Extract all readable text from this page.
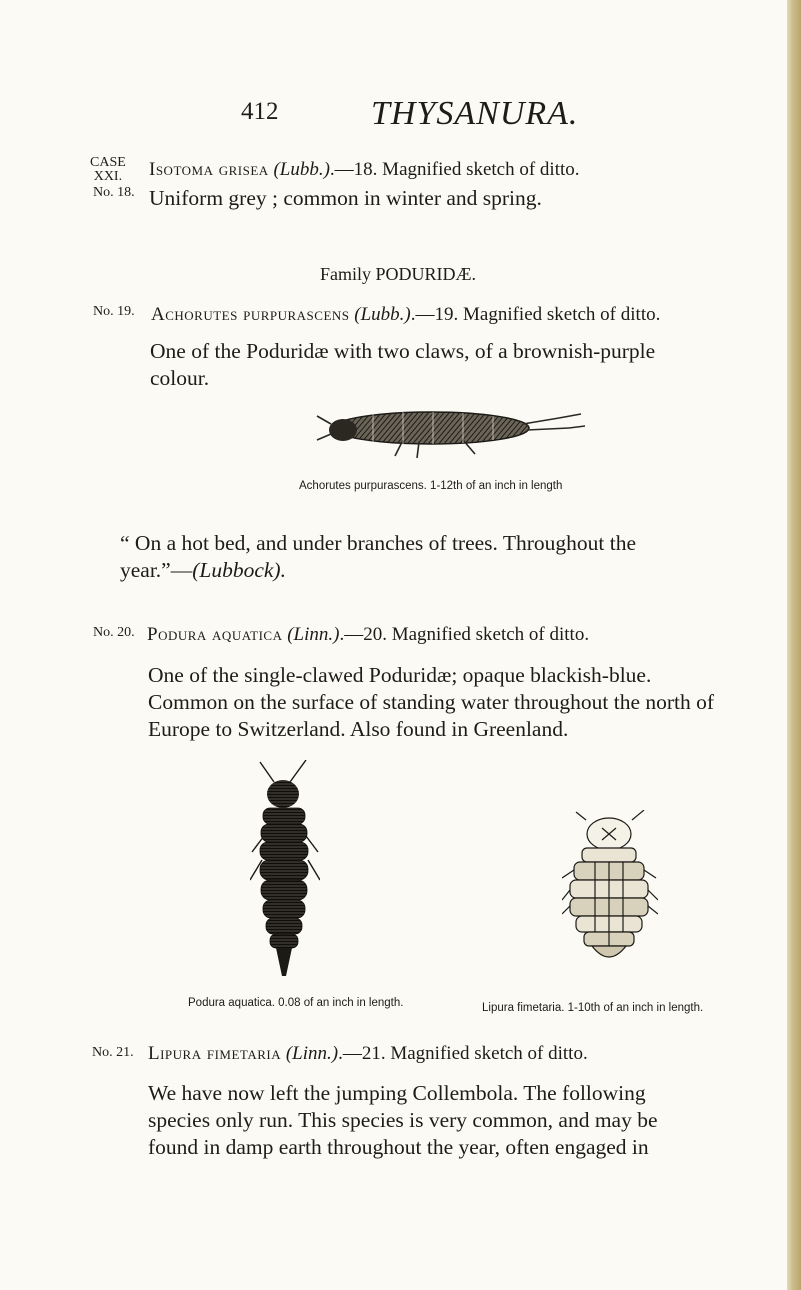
412	THYSANURA.
CASE
XXI.
No. 18.
Isotoma grisea (Lubb.).—18. Magnified sketch of ditto.
Uniform grey ; common in winter and spring.
Family PODURIDÆ.
No. 19. Achorutes purpurascens (Lubb.).—19. Magnified sketch of ditto.
One of the Poduridæ with two claws, of a brownish-purple
colour.
Achorutes purpurascens. 1-12th of an inch in length
“ On a hot bed, and under branches of trees. Throughout the
year.”—(Lubbock).
No. 20. Podura aquatica (Linn.).—20. Magnified sketch of ditto.
One of the single-clawed Poduridæ; opaque blackish-blue.
Common on the surface of standing water throughout the north of
Europe to Switzerland. Also found in Greenland.
Podura aquatica. 0.08 of an inch in length.	Lipura fimetaria. 1-10th of an inch in length.
No. 21. Lipura fimetaria (Linn.).—21. Magnified sketch of ditto.
We have now left the jumping Collembola. The following
species only run. This species is very common, and may be
found in damp earth throughout the year, often engaged in
